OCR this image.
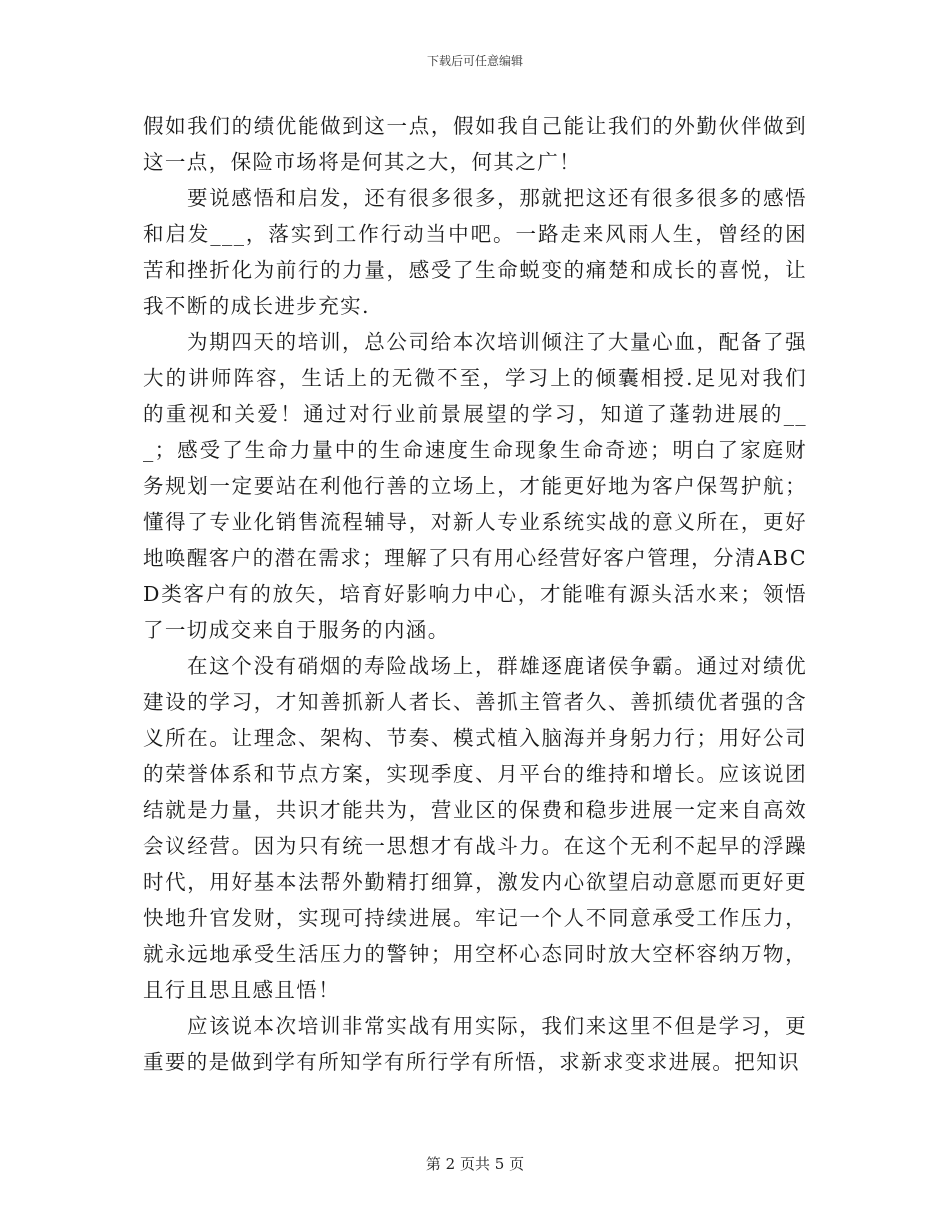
下载后可任意编辑

假如我们的绩优能做到这一点，假如我自己能让我们的外勤伙伴做到这一点，保险市场将是何其之大，何其之广！

要说感悟和启发，还有很多很多，那就把这还有很多很多的感悟和启发___，落实到工作行动当中吧。一路走来风雨人生，曾经的困苦和挫折化为前行的力量，感受了生命蜕变的痛楚和成长的喜悦，让我不断的成长进步充实.

为期四天的培训，总公司给本次培训倾注了大量心血，配备了强大的讲师阵容，生话上的无微不至，学习上的倾囊相授.足见对我们的重视和关爱！通过对行业前景展望的学习，知道了蓬勃进展的___；感受了生命力量中的生命速度生命现象生命奇迹；明白了家庭财务规划一定要站在利他行善的立场上，才能更好地为客户保驾护航；懂得了专业化销售流程辅导，对新人专业系统实战的意义所在，更好地唤醒客户的潜在需求；理解了只有用心经营好客户管理，分清ABCD类客户有的放矢，培育好影响力中心，才能唯有源头活水来；领悟了一切成交来自于服务的内涵。

在这个没有硝烟的寿险战场上，群雄逐鹿诸侯争霸。通过对绩优建设的学习，才知善抓新人者长、善抓主管者久、善抓绩优者强的含义所在。让理念、架构、节奏、模式植入脑海并身躬力行；用好公司的荣誉体系和节点方案，实现季度、月平台的维持和增长。应该说团结就是力量，共识才能共为，营业区的保费和稳步进展一定来自高效会议经营。因为只有统一思想才有战斗力。在这个无利不起早的浮躁时代，用好基本法帮外勤精打细算，激发内心欲望启动意愿而更好更快地升官发财，实现可持续进展。牢记一个人不同意承受工作压力，就永远地承受生活压力的警钟；用空杯心态同时放大空杯容纳万物，且行且思且感且悟！

应该说本次培训非常实战有用实际，我们来这里不但是学习，更重要的是做到学有所知学有所行学有所悟，求新求变求进展。把知识

第 2 页共 5 页
